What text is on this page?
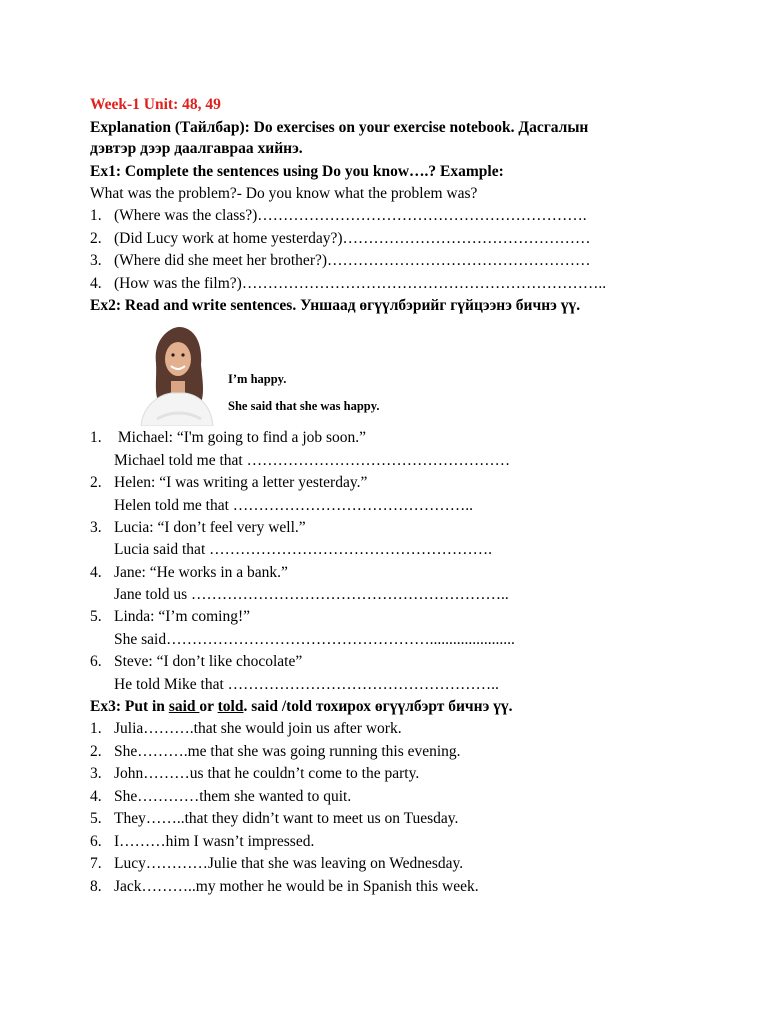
Week-1 Unit: 48, 49
Explanation (Тайлбар): Do exercises on your exercise notebook. Дасгалын
дэвтэр дээр даалгавраа хийнэ.
Ex1: Complete the sentences using Do you know….? Example:
What was the problem?- Do you know what the problem was?
1. (Where was the class?)……………………………………………………….
2. (Did Lucy work at home yesterday?)…………………………………………
3. (Where did she meet her brother?)……………………………………………
4. (How was the film?)……………………………………………………………..
Ex2: Read and write sentences. Уншаад өгүүлбэрийг гүйцээнэ бичнэ үү.
I’m happy.
She said that she was happy.
1. Michael: “I'm going to find a job soon.”
Michael told me that ……………………………………………
2. Helen: “I was writing a letter yesterday.”
Helen told me that ………………………………………..
3. Lucia: “I don’t feel very well.”
Lucia said that ……………………………………………….
4. Jane: “He works in a bank.”
Jane told us ……………………………………………………..
5. Linda: “I’m coming!”
She said……………………………………………......................
6. Steve: “I don’t like chocolate”
He told Mike that ……………………………………………..
Ex3: Put in said or told. said /told тохирох өгүүлбэрт бичнэ үү.
1. Julia……….that she would join us after work.
2. She……….me that she was going running this evening.
3. John………us that he couldn’t come to the party.
4. She…………them she wanted to quit.
5. They……..that they didn’t want to meet us on Tuesday.
6. I………him I wasn’t impressed.
7. Lucy…………Julie that she was leaving on Wednesday.
8. Jack………..my mother he would be in Spanish this week.
